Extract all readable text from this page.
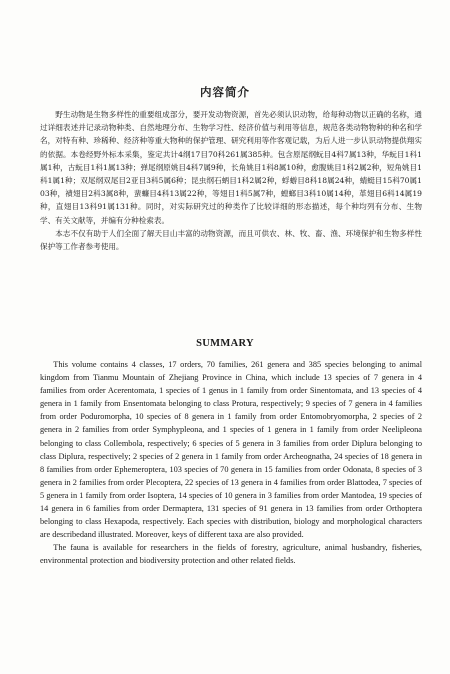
内容简介

野生动物是生物多样性的重要组成部分，要开发动物资源，首先必须认识动物，给每种动物以正确的名称，通过详细表述并记录动物种类、自然地理分布、生物学习性、经济价值与利用等信息，规范各类动物物种的种名和学名，对特有种、珍稀种、经济种等重大物种的保护管理、研究利用等作客观记载，为后人进一步认识动物提供翔实的依据。本卷经野外标本采集，鉴定共计4纲17目70科261属385种。包含原尾纲蚖目4科7属13种，华蚖目1科1属1种，古蚖目1科1属13种；弹尾纲原姚目4科7属9种，长角姚目1科8属10种，愈腹姚目1科2属2种，短角姚目1科1属1种；双尾纲双尾目2亚目3科5属6种；昆虫纲石蛃目1科2属2种，蜉蝣目8科18属24种，蜻蜓目15科70属103种，襀翅目2科3属8种，蜚蠊目4科13属22种，等翅目1科5属7种，螳螂目3科10属14种，革翅目6科14属19种，直翅目13科91属131种。同时，对实际研究过的种类作了比较详细的形态描述，每个种均列有分布、生物学、有关文献等，并编有分种检索表。

本志不仅有助于人们全面了解天目山丰富的动物资源，而且可供农、林、牧、畜、渔、环境保护和生物多样性保护等工作者参考使用。

SUMMARY

This volume contains 4 classes, 17 orders, 70 families, 261 genera and 385 species belonging to animal kingdom from Tianmu Mountain of Zhejiang Province in China, which include 13 species of 7 genera in 4 families from order Acerentomata, 1 species of 1 genus in 1 family from order Sinentomata, and 13 species of 4 genera in 1 family from Ensentomata belonging to class Protura, respectively; 9 species of 7 genera in 4 families from order Poduromorpha, 10 species of 8 genera in 1 family from order Entomobryomorpha, 2 species of 2 genera in 2 families from order Symphypleona, and 1 species of 1 genera in 1 family from order Neelipleona belonging to class Collembola, respectively; 6 species of 5 genera in 3 families from order Diplura belonging to class Diplura, respectively; 2 species of 2 genera in 1 family from order Archeognatha, 24 species of 18 genera in 8 families from order Ephemeroptera, 103 species of 70 genera in 15 families from order Odonata, 8 species of 3 genera in 2 families from order Plecoptera, 22 species of 13 genera in 4 families from order Blattodea, 7 species of 5 genera in 1 family from order Isoptera, 14 species of 10 genera in 3 families from order Mantodea, 19 species of 14 genera in 6 families from order Dermaptera, 131 species of 91 genera in 13 families from order Orthoptera belonging to class Hexapoda, respectively. Each species with distribution, biology and morphological characters are describedand illustrated. Moreover, keys of different taxa are also provided.

The fauna is available for researchers in the fields of forestry, agriculture, animal husbandry, fisheries, environmental protection and biodiversity protection and other related fields.
